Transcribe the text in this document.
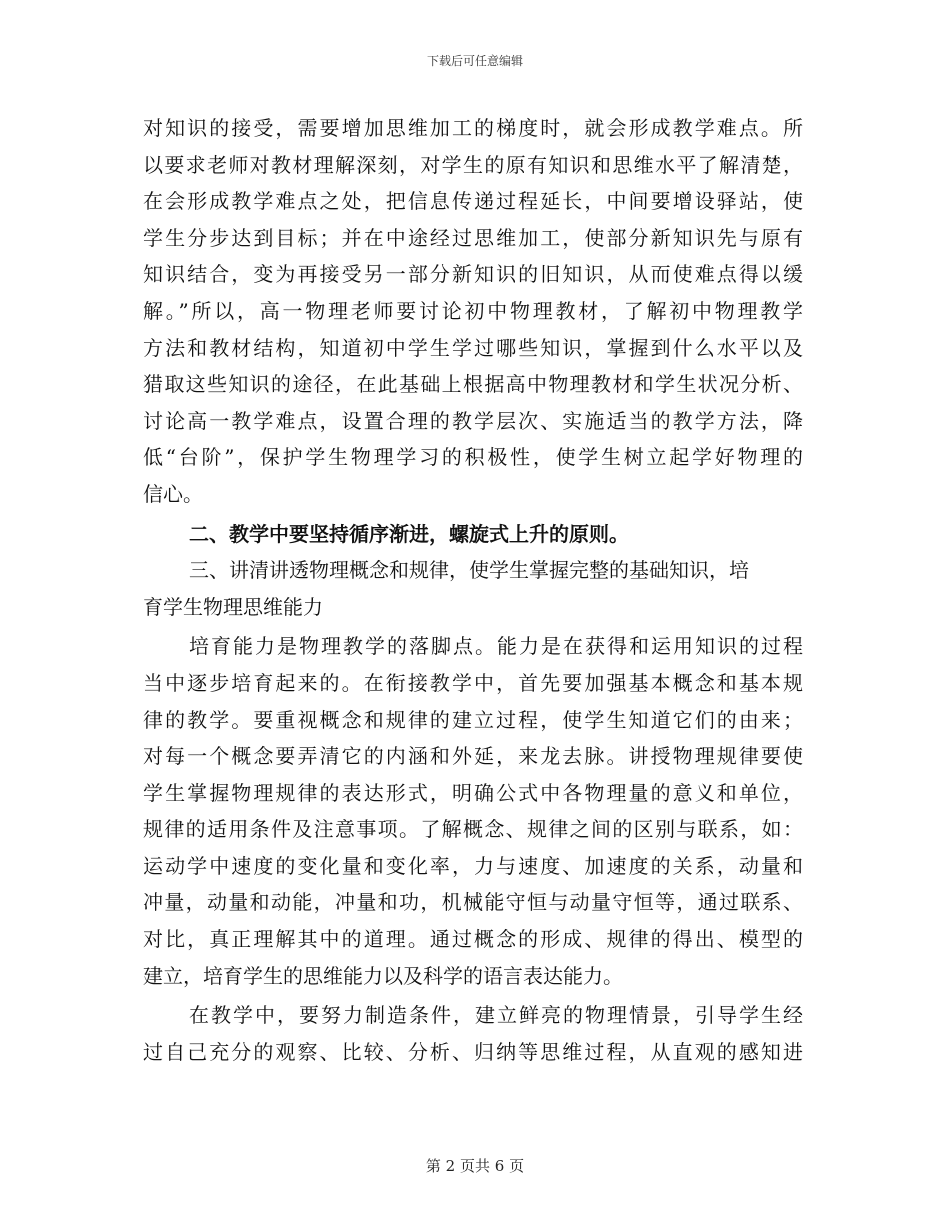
下载后可任意编辑
对知识的接受，需要增加思维加工的梯度时，就会形成教学难点。所
以要求老师对教材理解深刻，对学生的原有知识和思维水平了解清楚，
在会形成教学难点之处，把信息传递过程延长，中间要增设驿站，使
学生分步达到目标；并在中途经过思维加工，使部分新知识先与原有
知识结合，变为再接受另一部分新知识的旧知识，从而使难点得以缓
解。”所以，高一物理老师要讨论初中物理教材，了解初中物理教学
方法和教材结构，知道初中学生学过哪些知识，掌握到什么水平以及
猎取这些知识的途径，在此基础上根据高中物理教材和学生状况分析、
讨论高一教学难点，设置合理的教学层次、实施适当的教学方法，降
低“台阶”，保护学生物理学习的积极性，使学生树立起学好物理的
信心。
二、教学中要坚持循序渐进，螺旋式上升的原则。
三、讲清讲透物理概念和规律，使学生掌握完整的基础知识，培
育学生物理思维能力
培育能力是物理教学的落脚点。能力是在获得和运用知识的过程
当中逐步培育起来的。在衔接教学中，首先要加强基本概念和基本规
律的教学。要重视概念和规律的建立过程，使学生知道它们的由来；
对每一个概念要弄清它的内涵和外延，来龙去脉。讲授物理规律要使
学生掌握物理规律的表达形式，明确公式中各物理量的意义和单位，
规律的适用条件及注意事项。了解概念、规律之间的区别与联系，如：
运动学中速度的变化量和变化率，力与速度、加速度的关系，动量和
冲量，动量和动能，冲量和功，机械能守恒与动量守恒等，通过联系、
对比，真正理解其中的道理。通过概念的形成、规律的得出、模型的
建立，培育学生的思维能力以及科学的语言表达能力。
在教学中，要努力制造条件，建立鲜亮的物理情景，引导学生经
过自己充分的观察、比较、分析、归纳等思维过程，从直观的感知进
第 2 页共 6 页
